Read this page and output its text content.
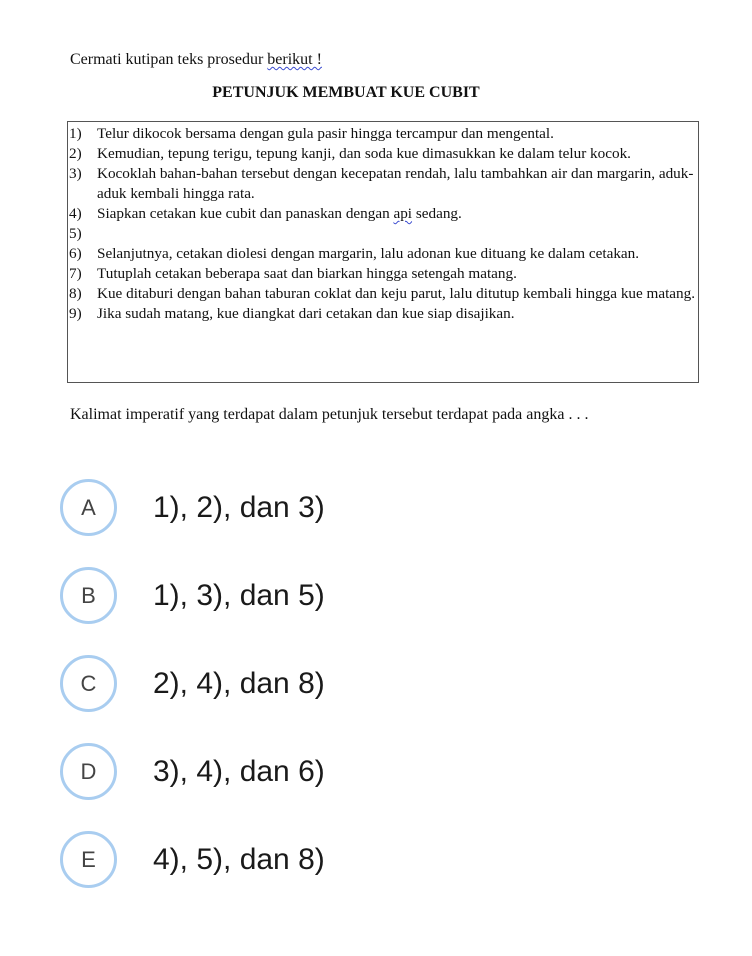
Cermati kutipan teks prosedur berikut !
PETUNJUK MEMBUAT KUE CUBIT
1)	Telur dikocok bersama dengan gula pasir hingga tercampur dan mengental.
2)	Kemudian, tepung terigu, tepung kanji, dan soda kue dimasukkan ke dalam telur kocok.
3)	Kocoklah bahan-bahan tersebut dengan kecepatan rendah, lalu tambahkan air dan margarin, aduk-aduk kembali hingga rata.
4)	Siapkan cetakan kue cubit dan panaskan dengan api sedang.
5)
6)	Selanjutnya, cetakan diolesi dengan margarin, lalu adonan kue dituang ke dalam cetakan.
7)	Tutuplah cetakan beberapa saat dan biarkan hingga setengah matang.
8)	Kue ditaburi dengan bahan taburan coklat dan keju parut, lalu ditutup kembali hingga kue matang.
9)	Jika sudah matang, kue diangkat dari cetakan dan kue siap disajikan.
Kalimat imperatif yang terdapat dalam petunjuk tersebut terdapat pada angka . . .
A	1), 2), dan 3)
B	1), 3), dan 5)
C	2), 4), dan 8)
D	3), 4), dan 6)
E	4), 5), dan 8)
